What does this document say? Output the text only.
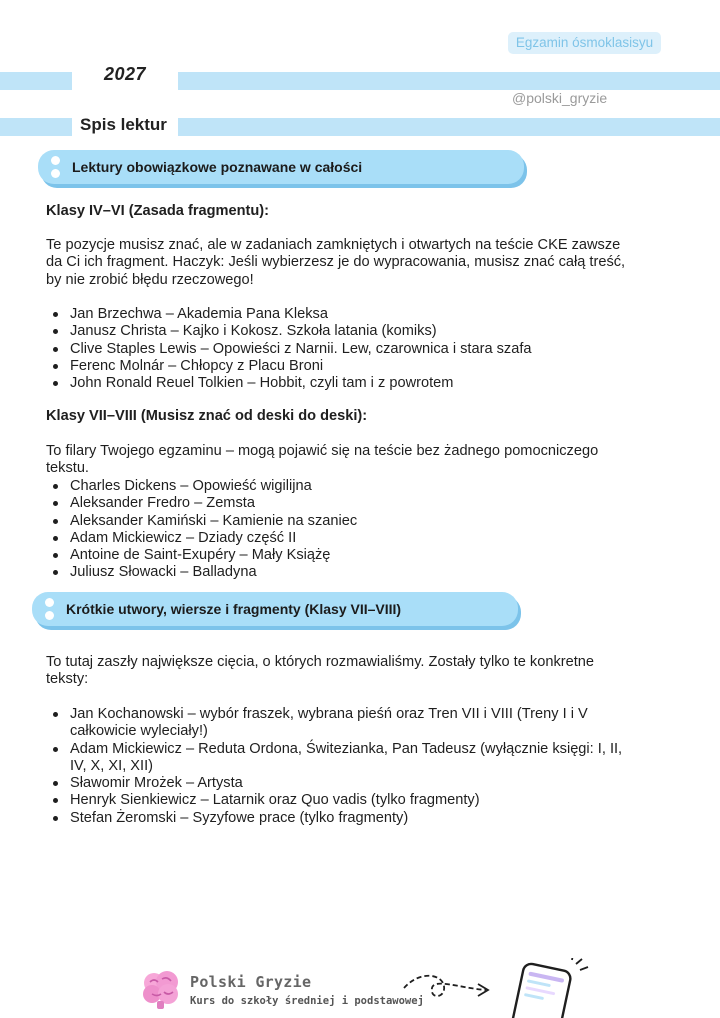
Egzamin ósmoklasisyu
2027
@polski_gryzie
Spis lektur
Lektury obowiązkowe poznawane w całości
Klasy IV–VI (Zasada fragmentu):
Te pozycje musisz znać, ale w zadaniach zamkniętych i otwartych na teście CKE zawsze da Ci ich fragment. Haczyk: Jeśli wybierzesz je do wypracowania, musisz znać całą treść, by nie zrobić błędu rzeczowego!
Jan Brzechwa – Akademia Pana Kleksa
Janusz Christa – Kajko i Kokosz. Szkoła latania (komiks)
Clive Staples Lewis – Opowieści z Narnii. Lew, czarownica i stara szafa
Ferenc Molnár – Chłopcy z Placu Broni
John Ronald Reuel Tolkien – Hobbit, czyli tam i z powrotem
Klasy VII–VIII (Musisz znać od deski do deski):
To filary Twojego egzaminu – mogą pojawić się na teście bez żadnego pomocniczego tekstu.
Charles Dickens – Opowieść wigilijna
Aleksander Fredro – Zemsta
Aleksander Kamiński – Kamienie na szaniec
Adam Mickiewicz – Dziady część II
Antoine de Saint-Exupéry – Mały Książę
Juliusz Słowacki – Balladyna
Krótkie utwory, wiersze i fragmenty (Klasy VII–VIII)
To tutaj zaszły największe cięcia, o których rozmawialiśmy. Zostały tylko te konkretne teksty:
Jan Kochanowski – wybór fraszek, wybrana pieśń oraz Tren VII i VIII (Treny I i V całkowicie wyleciały!)
Adam Mickiewicz – Reduta Ordona, Świtezianka, Pan Tadeusz (wyłącznie księgi: I, II, IV, X, XI, XII)
Sławomir Mrożek – Artysta
Henryk Sienkiewicz – Latarnik oraz Quo vadis (tylko fragmenty)
Stefan Żeromski – Syzyfowe prace (tylko fragmenty)
Polski Gryzie
Kurs do szkoły średniej i podstawowej
